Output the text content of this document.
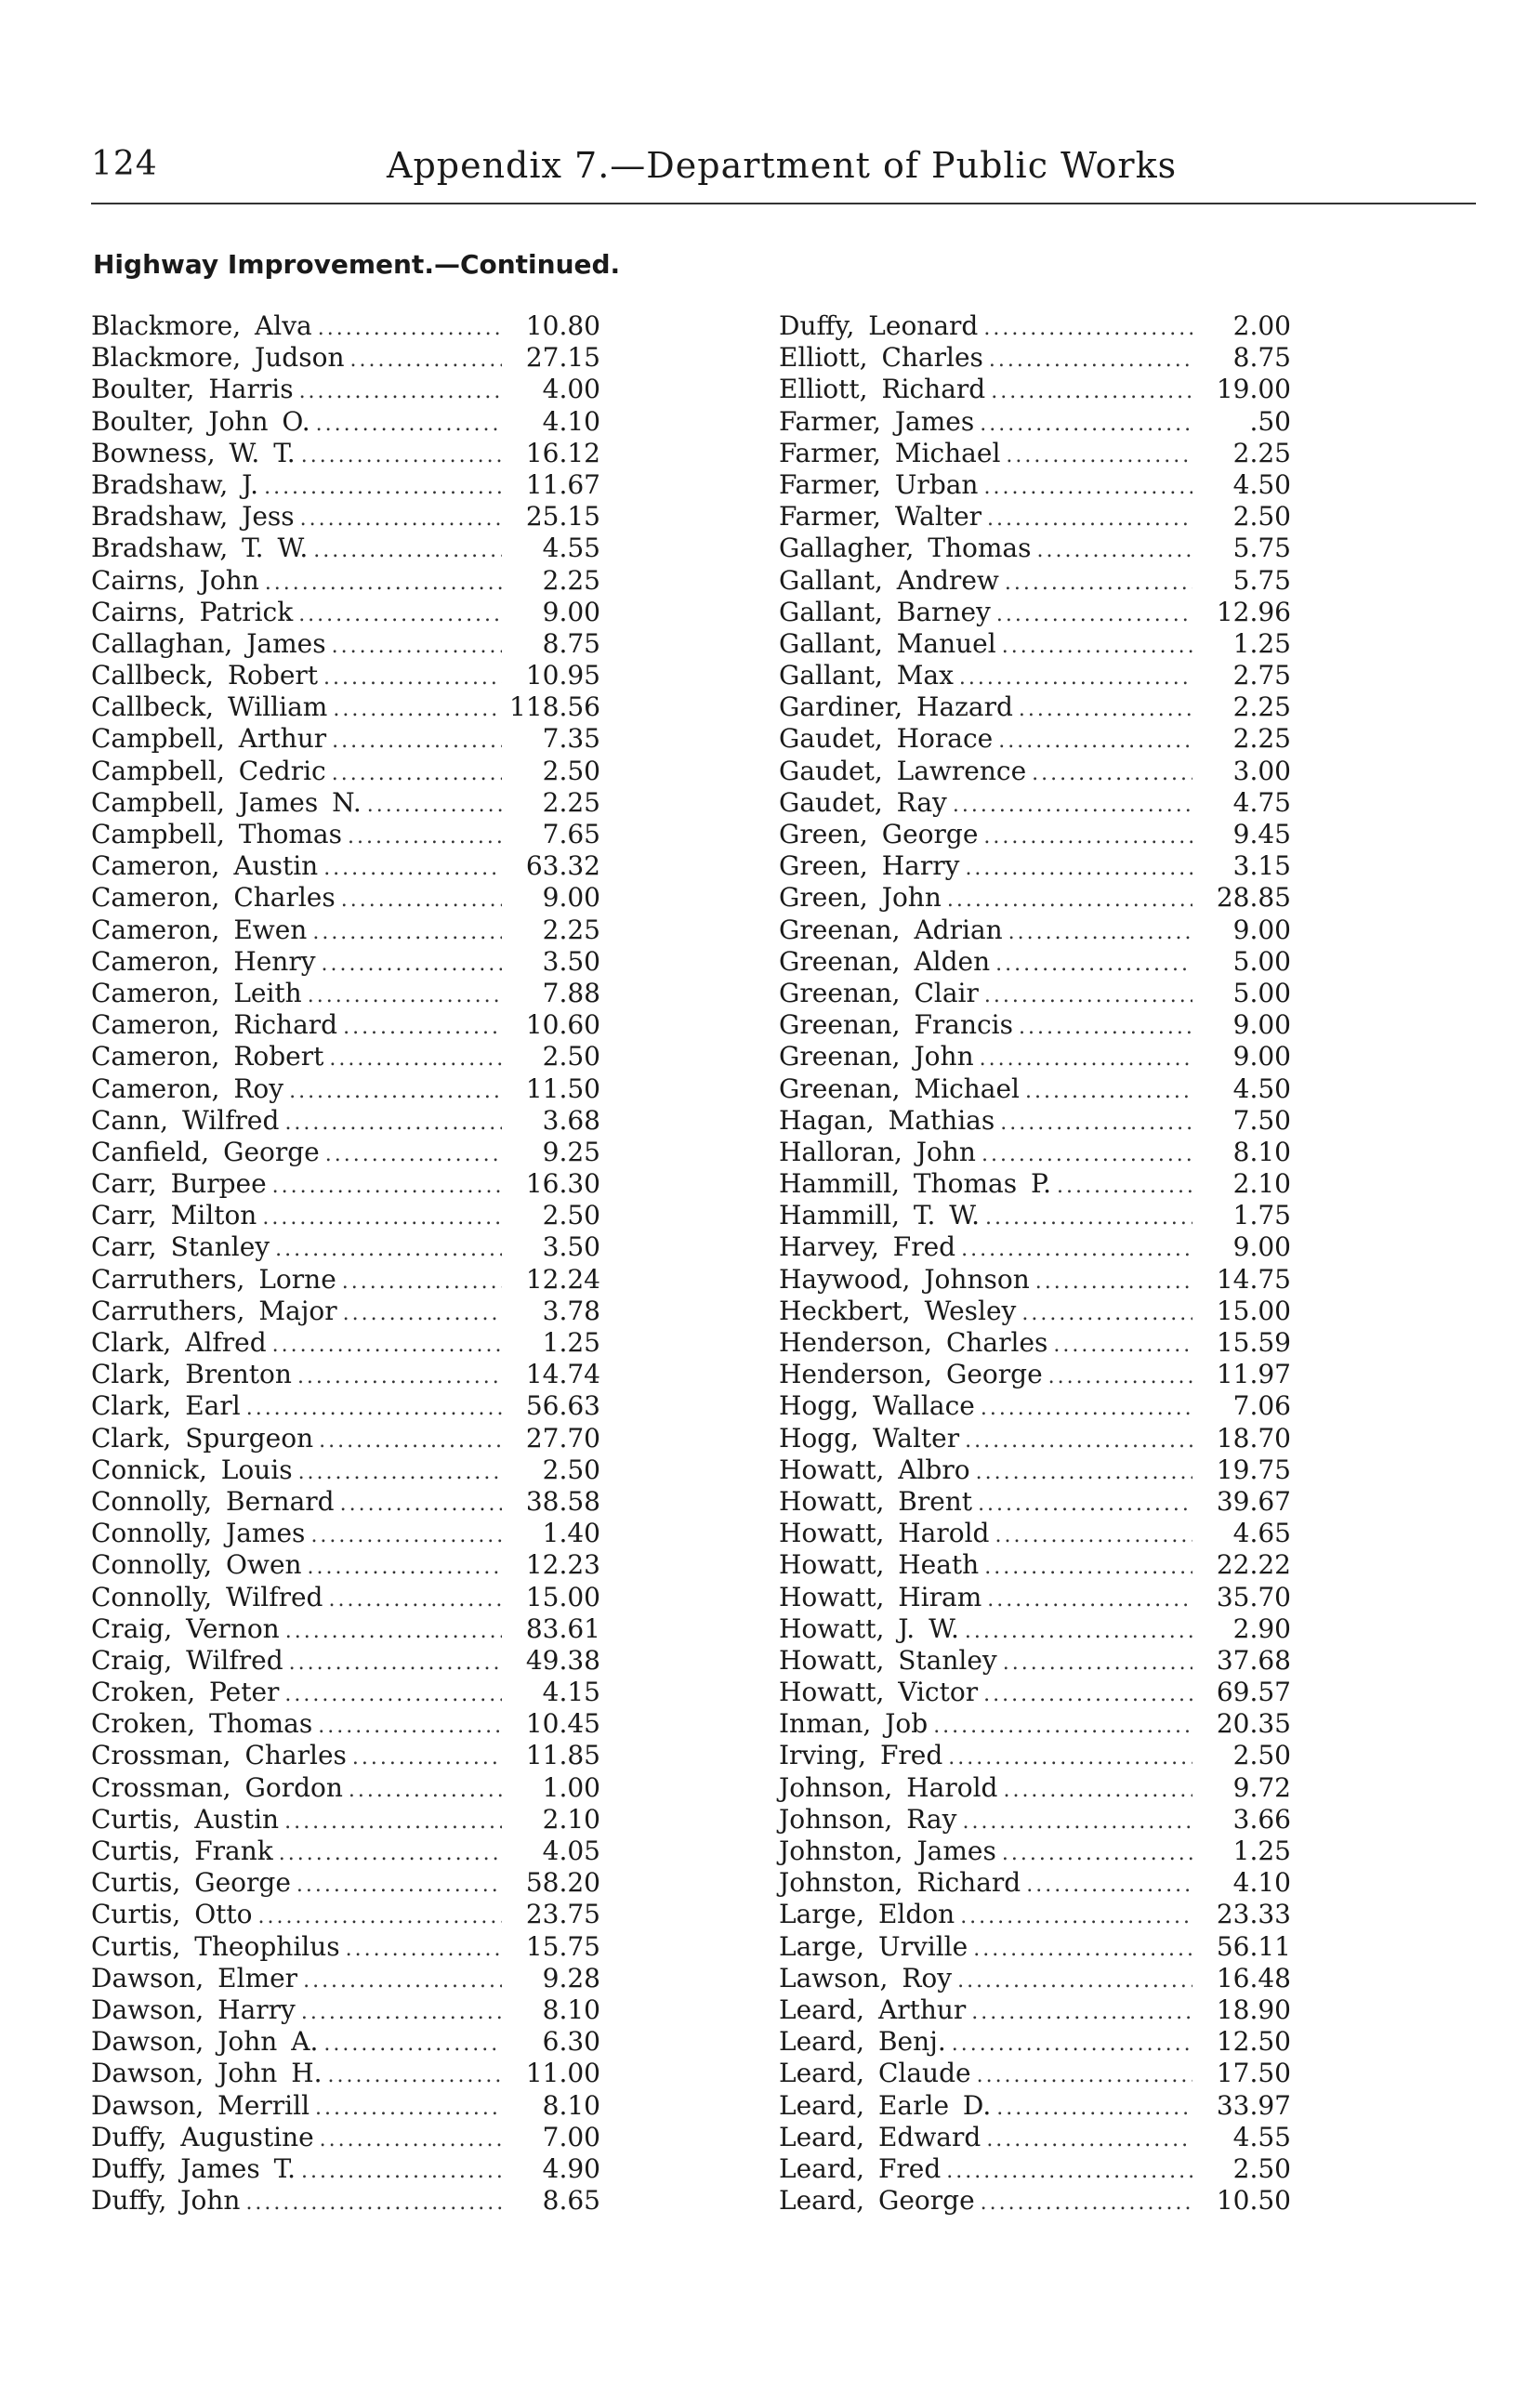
124	Appendix 7.—Department of Public Works
Highway Improvement.—Continued.
Blackmore, Alva .....	10.80
Blackmore, Judson .....	27.15
Boulter, Harris .....	4.00
Boulter, John O. .....	4.10
Bowness, W. T. .....	16.12
Bradshaw, J. .....	11.67
Bradshaw, Jess .....	25.15
Bradshaw, T. W. .....	4.55
Cairns, John .....	2.25
Cairns, Patrick .....	9.00
Callaghan, James .....	8.75
Callbeck, Robert .....	10.95
Callbeck, William .....	118.56
Campbell, Arthur .....	7.35
Campbell, Cedric .....	2.50
Campbell, James N. .....	2.25
Campbell, Thomas .....	7.65
Cameron, Austin .....	63.32
Cameron, Charles .....	9.00
Cameron, Ewen .....	2.25
Cameron, Henry .....	3.50
Cameron, Leith .....	7.88
Cameron, Richard .....	10.60
Cameron, Robert .....	2.50
Cameron, Roy .....	11.50
Cann, Wilfred .....	3.68
Canfield, George .....	9.25
Carr, Burpee .....	16.30
Carr, Milton .....	2.50
Carr, Stanley .....	3.50
Carruthers, Lorne .....	12.24
Carruthers, Major .....	3.78
Clark, Alfred .....	1.25
Clark, Brenton .....	14.74
Clark, Earl .....	56.63
Clark, Spurgeon .....	27.70
Connick, Louis .....	2.50
Connolly, Bernard .....	38.58
Connolly, James .....	1.40
Connolly, Owen .....	12.23
Connolly, Wilfred .....	15.00
Craig, Vernon .....	83.61
Craig, Wilfred .....	49.38
Croken, Peter .....	4.15
Croken, Thomas .....	10.45
Crossman, Charles .....	11.85
Crossman, Gordon .....	1.00
Curtis, Austin .....	2.10
Curtis, Frank .....	4.05
Curtis, George .....	58.20
Curtis, Otto .....	23.75
Curtis, Theophilus .....	15.75
Dawson, Elmer .....	9.28
Dawson, Harry .....	8.10
Dawson, John A. .....	6.30
Dawson, John H. .....	11.00
Dawson, Merrill .....	8.10
Duffy, Augustine .....	7.00
Duffy, James T. .....	4.90
Duffy, John .....	8.65
Duffy, Leonard .....	2.00
Elliott, Charles .....	8.75
Elliott, Richard .....	19.00
Farmer, James .....	.50
Farmer, Michael .....	2.25
Farmer, Urban .....	4.50
Farmer, Walter .....	2.50
Gallagher, Thomas .....	5.75
Gallant, Andrew .....	5.75
Gallant, Barney .....	12.96
Gallant, Manuel .....	1.25
Gallant, Max .....	2.75
Gardiner, Hazard .....	2.25
Gaudet, Horace .....	2.25
Gaudet, Lawrence .....	3.00
Gaudet, Ray .....	4.75
Green, George .....	9.45
Green, Harry .....	3.15
Green, John .....	28.85
Greenan, Adrian .....	9.00
Greenan, Alden .....	5.00
Greenan, Clair .....	5.00
Greenan, Francis .....	9.00
Greenan, John .....	9.00
Greenan, Michael .....	4.50
Hagan, Mathias .....	7.50
Halloran, John .....	8.10
Hammill, Thomas P. .....	2.10
Hammill, T. W. .....	1.75
Harvey, Fred .....	9.00
Haywood, Johnson .....	14.75
Heckbert, Wesley .....	15.00
Henderson, Charles .....	15.59
Henderson, George .....	11.97
Hogg, Wallace .....	7.06
Hogg, Walter .....	18.70
Howatt, Albro .....	19.75
Howatt, Brent .....	39.67
Howatt, Harold .....	4.65
Howatt, Heath .....	22.22
Howatt, Hiram .....	35.70
Howatt, J. W. .....	2.90
Howatt, Stanley .....	37.68
Howatt, Victor .....	69.57
Inman, Job .....	20.35
Irving, Fred .....	2.50
Johnson, Harold .....	9.72
Johnson, Ray .....	3.66
Johnston, James .....	1.25
Johnston, Richard .....	4.10
Large, Eldon .....	23.33
Large, Urville .....	56.11
Lawson, Roy .....	16.48
Leard, Arthur .....	18.90
Leard, Benj. .....	12.50
Leard, Claude .....	17.50
Leard, Earle D. .....	33.97
Leard, Edward .....	4.55
Leard, Fred .....	2.50
Leard, George .....	10.50
